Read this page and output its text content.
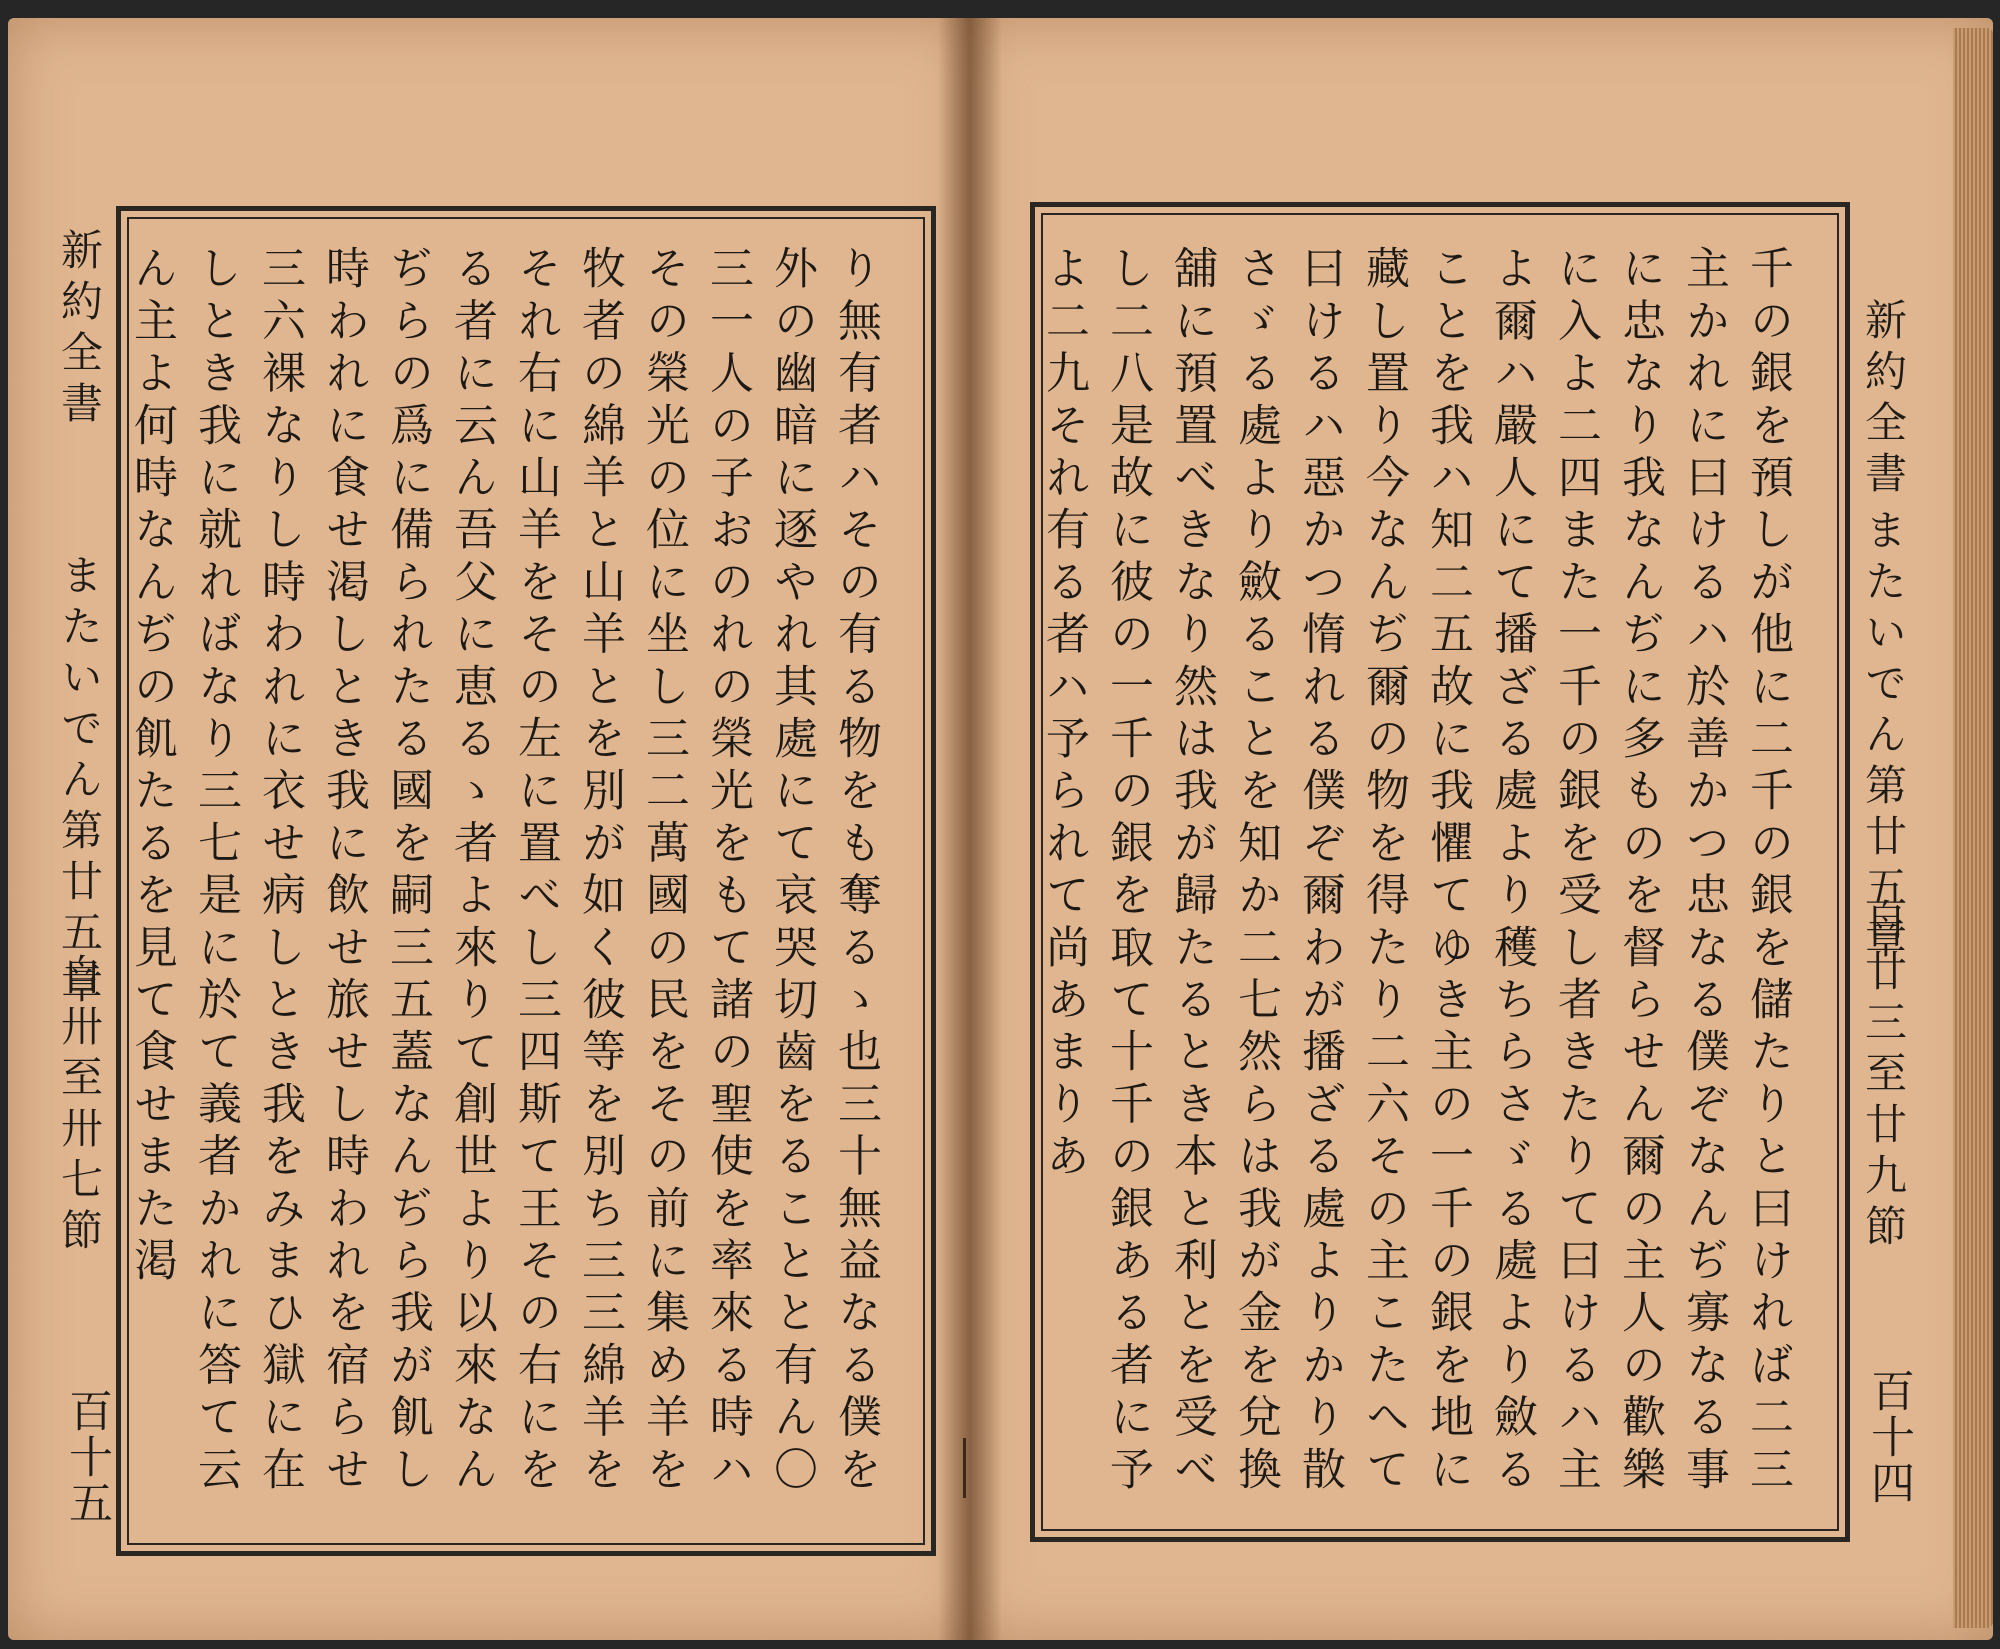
新約全書
またいでん第廿五章
自卅至卅七節
百十五	り無有者ハその有る物をも奪るゝ也三十無益なる僕を外の幽暗に逐やれ其處にて哀哭切齒をることと有ん〇三一人の子おのれの榮光をもて諸の聖使を率來る時ハその榮光の位に坐し三二萬國の民をその前に集め羊を牧者の綿羊と山羊とを別が如く彼等を別ち三三綿羊をそれ右に山羊をその左に置べし三四斯て王その右にをる者に云ん吾父に恵るゝ者よ來りて創世より以來なんぢらの爲に備られたる國を嗣三五蓋なんぢら我が飢し時われに食せ渇しとき我に飲せ旅せし時われを宿らせ三六裸なりし時われに衣せ病しとき我をみまひ獄に在しとき我に就ればなり三七是に於て義者かれに答て云ん主よ何時なんぢの飢たるを見て食せまた渇	千の銀を預しが他に二千の銀を儲たりと曰ければ二三主かれに曰けるハ於善かつ忠なる僕ぞなんぢ寡なる事に忠なり我なんぢに多ものを督らせん爾の主人の歡樂に入よ二四また一千の銀を受し者きたりて曰けるハ主よ爾ハ嚴人にて播ざる處より穫ちらさゞる處より斂ることを我ハ知二五故に我懼てゆき主の一千の銀を地に藏し置り今なんぢ爾の物を得たり二六その主こたへて曰けるハ惡かつ惰れる僕ぞ爾わが播ざる處よりかり散さゞる處より斂ることを知か二七然らは我が金を兌換舖に預置べきなり然は我が歸たるとき本と利とを受べし二八是故に彼の一千の銀を取て十千の銀ある者に予よ二九それ有る者ハ予られて尚あまりあ	新約全書
またいでん第廿五章
自廿三至廿九節
百十四
